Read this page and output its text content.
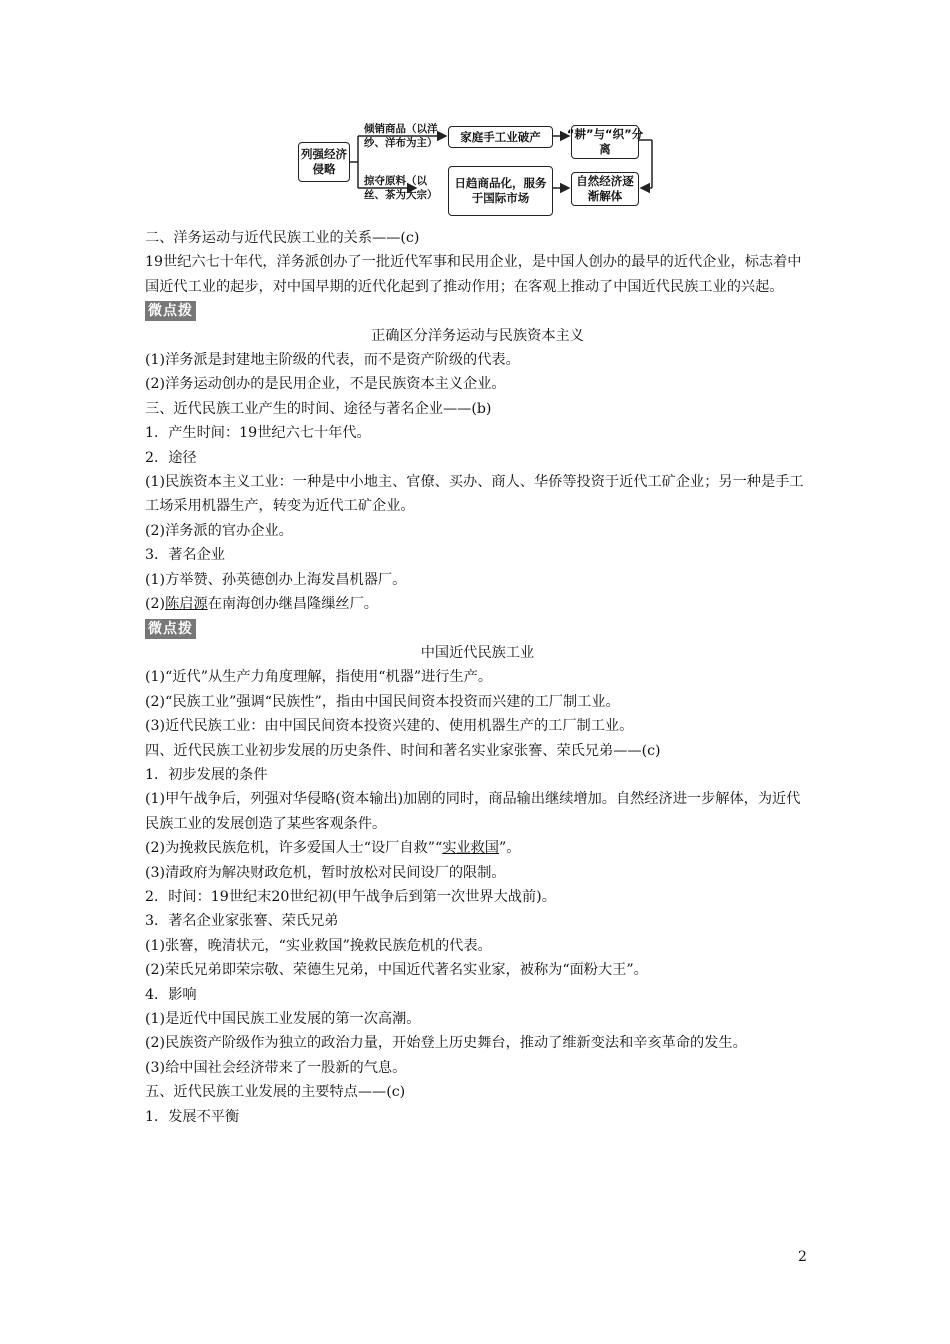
列强经济侵略
倾销商品（以洋纱、洋布为主）
掠夺原料（以丝、茶为大宗）
家庭手工业破产
日趋商品化，服务于国际市场
“耕”与“织”分离
自然经济逐渐解体

二、洋务运动与近代民族工业的关系——(c)

19世纪六七十年代，洋务派创办了一批近代军事和民用企业，是中国人创办的最早的近代企业，标志着中国近代工业的起步，对中国早期的近代化起到了推动作用；在客观上推动了中国近代民族工业的兴起。

微点拨

正确区分洋务运动与民族资本主义

(1)洋务派是封建地主阶级的代表，而不是资产阶级的代表。

(2)洋务运动创办的是民用企业，不是民族资本主义企业。

三、近代民族工业产生的时间、途径与著名企业——(b)

1．产生时间：19世纪六七十年代。

2．途径

(1)民族资本主义工业：一种是中小地主、官僚、买办、商人、华侨等投资于近代工矿企业；另一种是手工工场采用机器生产，转变为近代工矿企业。

(2)洋务派的官办企业。

3．著名企业

(1)方举赞、孙英德创办上海发昌机器厂。

(2)陈启源在南海创办继昌隆缫丝厂。

微点拨

中国近代民族工业

(1)“近代”从生产力角度理解，指使用“机器”进行生产。

(2)“民族工业”强调“民族性”，指由中国民间资本投资而兴建的工厂制工业。

(3)近代民族工业：由中国民间资本投资兴建的、使用机器生产的工厂制工业。

四、近代民族工业初步发展的历史条件、时间和著名实业家张謇、荣氏兄弟——(c)

1．初步发展的条件

(1)甲午战争后，列强对华侵略(资本输出)加剧的同时，商品输出继续增加。自然经济进一步解体，为近代民族工业的发展创造了某些客观条件。

(2)为挽救民族危机，许多爱国人士“设厂自救”“实业救国”。

(3)清政府为解决财政危机，暂时放松对民间设厂的限制。

2．时间：19世纪末20世纪初(甲午战争后到第一次世界大战前)。

3．著名企业家张謇、荣氏兄弟

(1)张謇，晚清状元，“实业救国”挽救民族危机的代表。

(2)荣氏兄弟即荣宗敬、荣德生兄弟，中国近代著名实业家，被称为“面粉大王”。

4．影响

(1)是近代中国民族工业发展的第一次高潮。

(2)民族资产阶级作为独立的政治力量，开始登上历史舞台，推动了维新变法和辛亥革命的发生。

(3)给中国社会经济带来了一股新的气息。

五、近代民族工业发展的主要特点——(c)

1．发展不平衡

2
